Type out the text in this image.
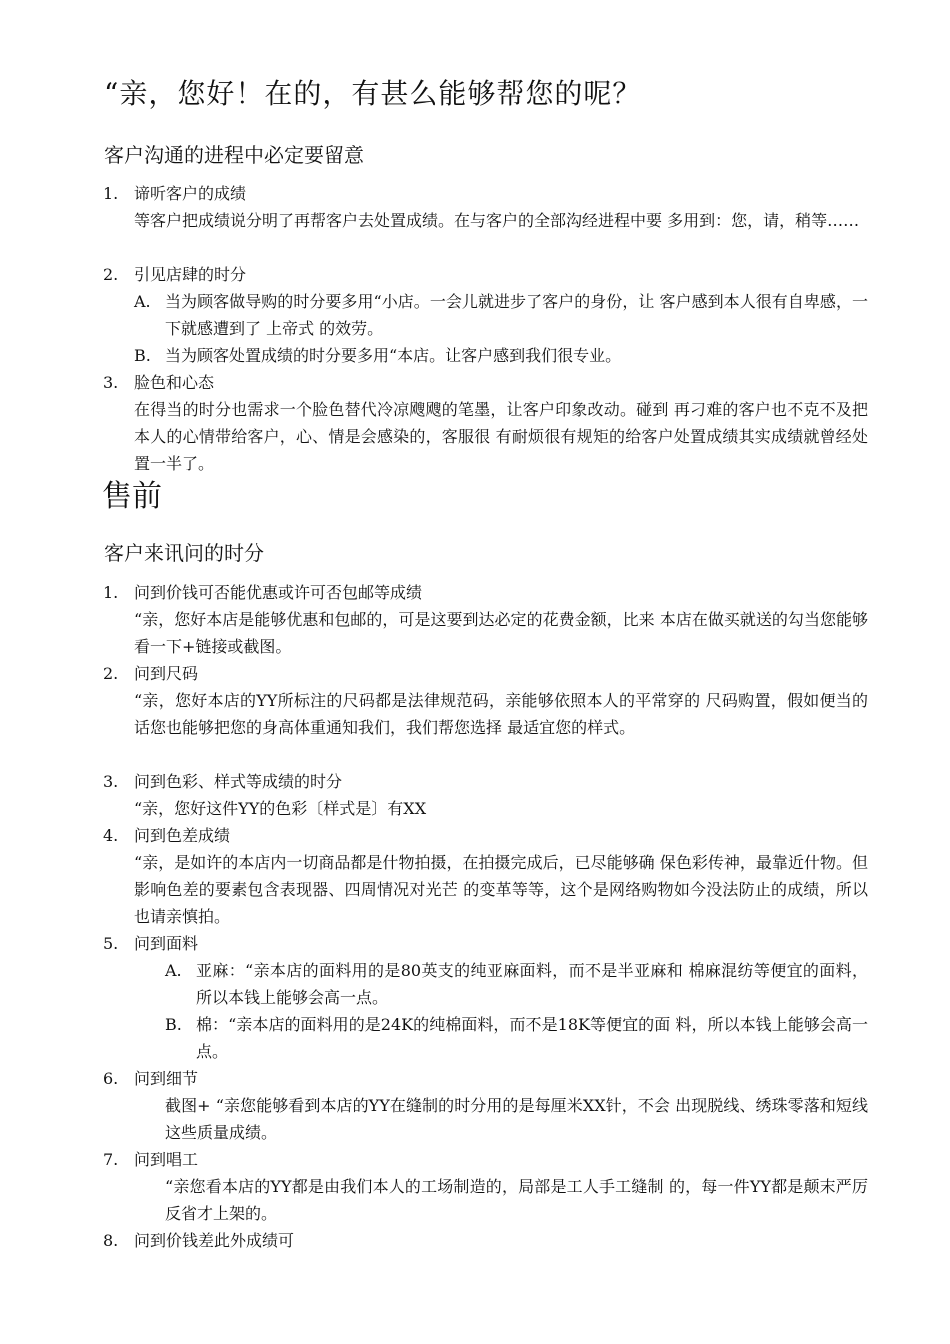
“亲，您好！在的，有甚么能够帮您的呢？
客户沟通的进程中必定要留意
1. 谛听客户的成绩
等客户把成绩说分明了再帮客户去处置成绩。在与客户的全部沟经进程中要 多用到：您，请，稍等……
2. 引见店肆的时分
A. 当为顾客做导购的时分要多用“小店。一会儿就进步了客户的身份，让 客户感到本人很有自卑感，一下就感遭到了 上帝式 的效劳。
B. 当为顾客处置成绩的时分要多用“本店。让客户感到我们很专业。
3. 脸色和心态
在得当的时分也需求一个脸色替代冷凉飕飕的笔墨，让客户印象改动。碰到 再刁难的客户也不克不及把本人的心情带给客户，心、情是会感染的，客服很 有耐烦很有规矩的给客户处置成绩其实成绩就曾经处置一半了。
售前
客户来讯问的时分
1. 问到价钱可否能优惠或许可否包邮等成绩
“亲，您好本店是能够优惠和包邮的，可是这要到达必定的花费金额，比来 本店在做买就送的勾当您能够看一下+链接或截图。
2. 问到尺码
“亲，您好本店的YY所标注的尺码都是法律规范码，亲能够依照本人的平常穿的 尺码购置，假如便当的话您也能够把您的身高体重通知我们，我们帮您选择 最适宜您的样式。
3. 问到色彩、样式等成绩的时分
“亲，您好这件YY的色彩〔样式是〕有XX
4. 问到色差成绩
“亲，是如许的本店内一切商品都是什物拍摄，在拍摄完成后，已尽能够确 保色彩传神，最靠近什物。但影响色差的要素包含表现器、四周情况对光芒 的变革等等，这个是网络购物如今没法防止的成绩，所以也请亲慎拍。
5. 问到面料
A. 亚麻：“亲本店的面料用的是80英支的纯亚麻面料，而不是半亚麻和 棉麻混纺等便宜的面料，所以本钱上能够会高一点。
B. 棉：“亲本店的面料用的是24K的纯棉面料，而不是18K等便宜的面 料，所以本钱上能够会高一点。
6. 问到细节
截图+ “亲您能够看到本店的YY在缝制的时分用的是每厘米XX针，不会 出现脱线、绣珠零落和短线这些质量成绩。
7. 问到唱工
“亲您看本店的YY都是由我们本人的工场制造的，局部是工人手工缝制 的，每一件YY都是颠末严厉反省才上架的。
8. 问到价钱差此外成绩可
